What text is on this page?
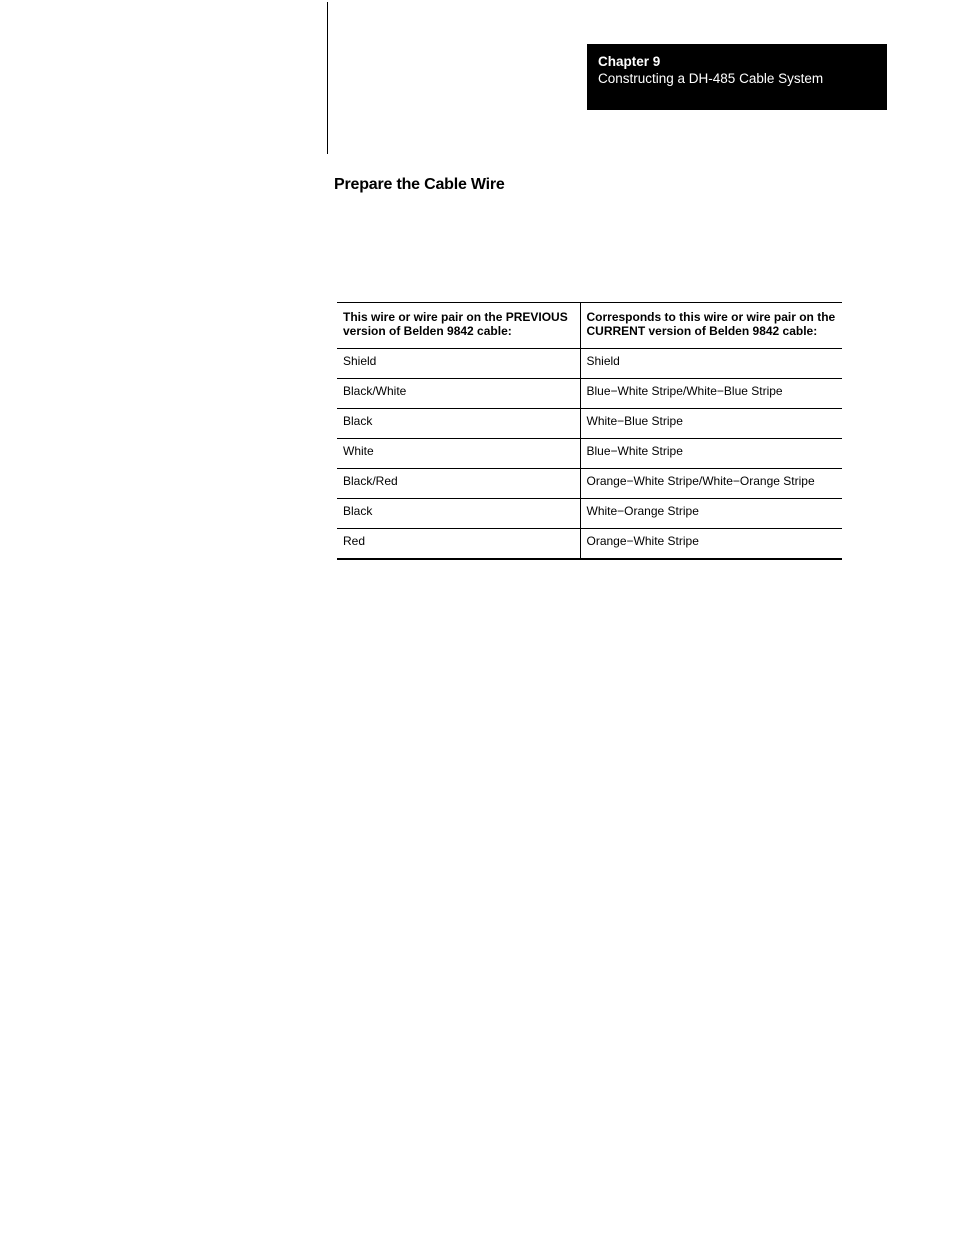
Chapter 9
Constructing a DH-485 Cable System
Prepare the Cable Wire
This wire or wire pair on the PREVIOUS version of Belden 9842 cable:	Corresponds to this wire or wire pair on the CURRENT version of Belden 9842 cable:
Shield	Shield
Black/White	Blue−White Stripe/White−Blue Stripe
Black	White−Blue Stripe
White	Blue−White Stripe
Black/Red	Orange−White Stripe/White−Orange Stripe
Black	White−Orange Stripe
Red	Orange−White Stripe
